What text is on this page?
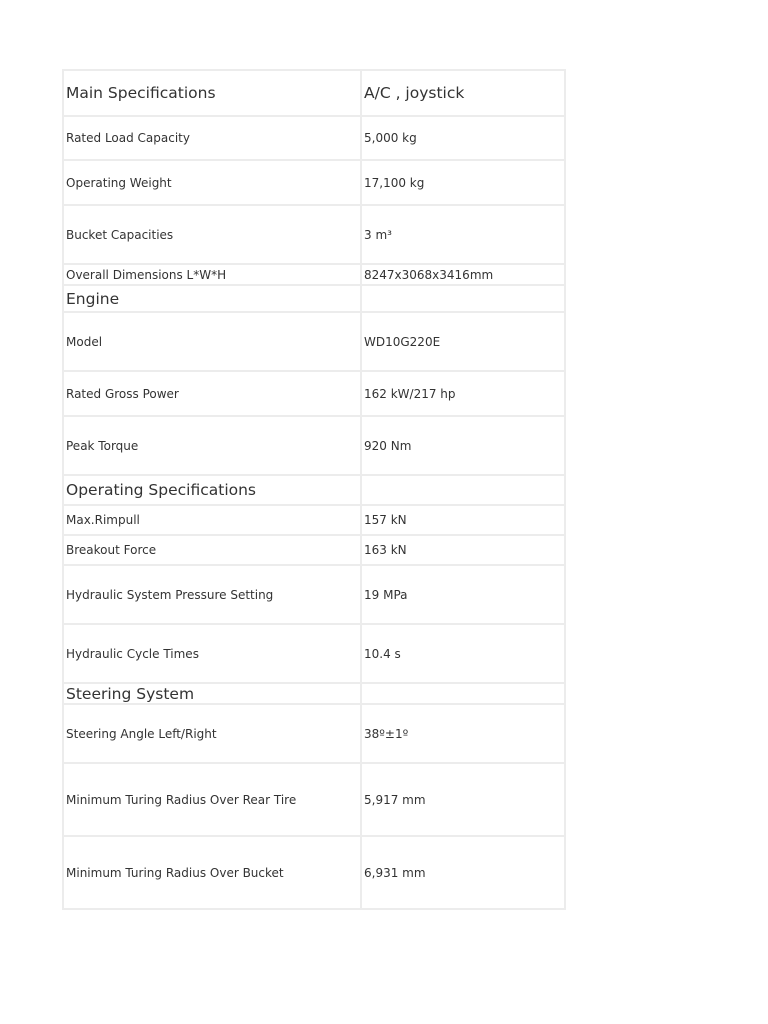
Main Specifications	A/C , joystick
Rated Load Capacity	5,000 kg
Operating Weight	17,100 kg
Bucket Capacities	3 m³
Overall Dimensions L*W*H	8247x3068x3416mm
Engine	
Model	WD10G220E
Rated Gross Power	162 kW/217 hp
Peak Torque	920 Nm
Operating Specifications	
Max.Rimpull	157 kN
Breakout Force	163 kN
Hydraulic System Pressure Setting	19 MPa
Hydraulic Cycle Times	10.4 s
Steering System	
Steering Angle Left/Right	38º±1º
Minimum Turing Radius Over Rear Tire	5,917 mm
Minimum Turing Radius Over Bucket	6,931 mm
